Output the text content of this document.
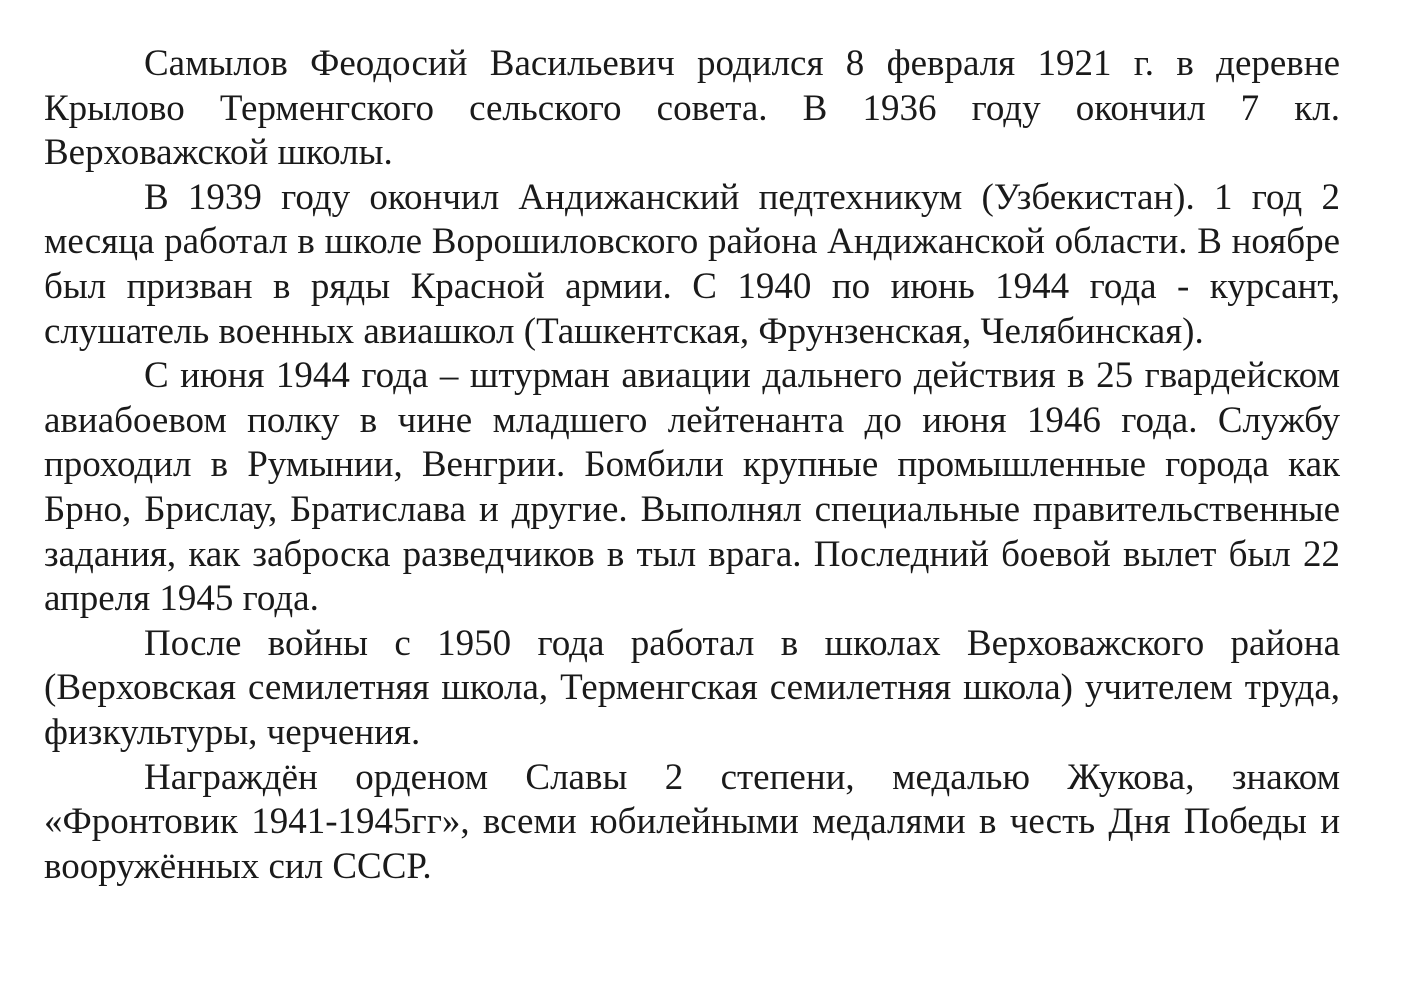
Самылов Феодосий Васильевич родился 8 февраля 1921 г. в деревне Крылово Терменгского сельского совета. В 1936 году окончил 7 кл. Верховажской школы.

В 1939 году окончил Андижанский педтехникум (Узбекистан). 1 год 2 месяца работал в школе Ворошиловского района Андижанской области. В ноябре был призван в ряды Красной армии. С 1940 по июнь 1944 года - курсант, слушатель военных авиашкол (Ташкентская, Фрунзенская, Челябинская).

С июня 1944 года – штурман авиации дальнего действия в 25 гвардейском авиабоевом полку в чине младшего лейтенанта до июня 1946 года. Службу проходил в Румынии, Венгрии. Бомбили крупные промышленные города как Брно, Бриcлау, Братислава и другие. Выполнял специальные правительственные задания, как заброска разведчиков в тыл врага. Последний боевой вылет был 22 апреля 1945 года.

После войны с 1950 года работал в школах Верховажского района (Верховская семилетняя школа, Терменгская семилетняя школа) учителем труда, физкультуры, черчения.

Награждён орденом Славы 2 степени, медалью Жукова, знаком «Фронтовик 1941-1945гг», всеми юбилейными медалями в честь Дня Победы и вооружённых сил СССР.
